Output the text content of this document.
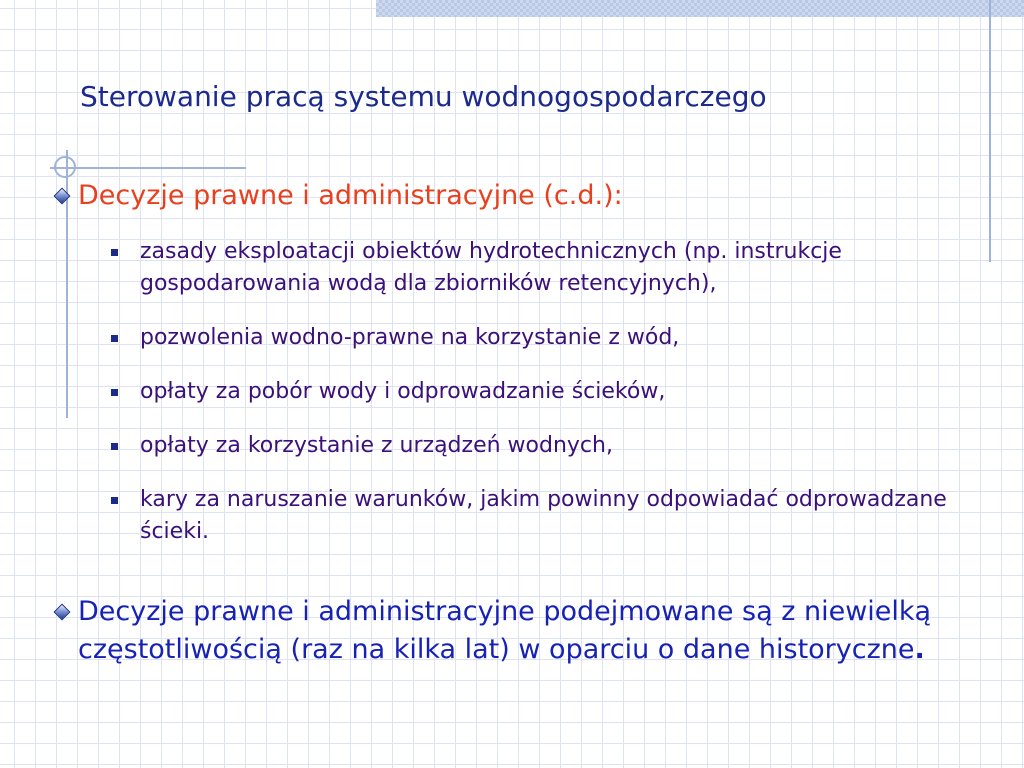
Sterowanie pracą systemu wodnogospodarczego
Decyzje prawne i administracyjne (c.d.):
zasady eksploatacji obiektów hydrotechnicznych (np. instrukcje gospodarowania wodą dla zbiorników retencyjnych),
pozwolenia wodno-prawne na korzystanie z wód,
opłaty za pobór wody i odprowadzanie ścieków,
opłaty za korzystanie z urządzeń wodnych,
kary za naruszanie warunków, jakim powinny odpowiadać odprowadzane ścieki.
Decyzje prawne i administracyjne podejmowane są z niewielką częstotliwością (raz na kilka lat) w oparciu o dane historyczne.
